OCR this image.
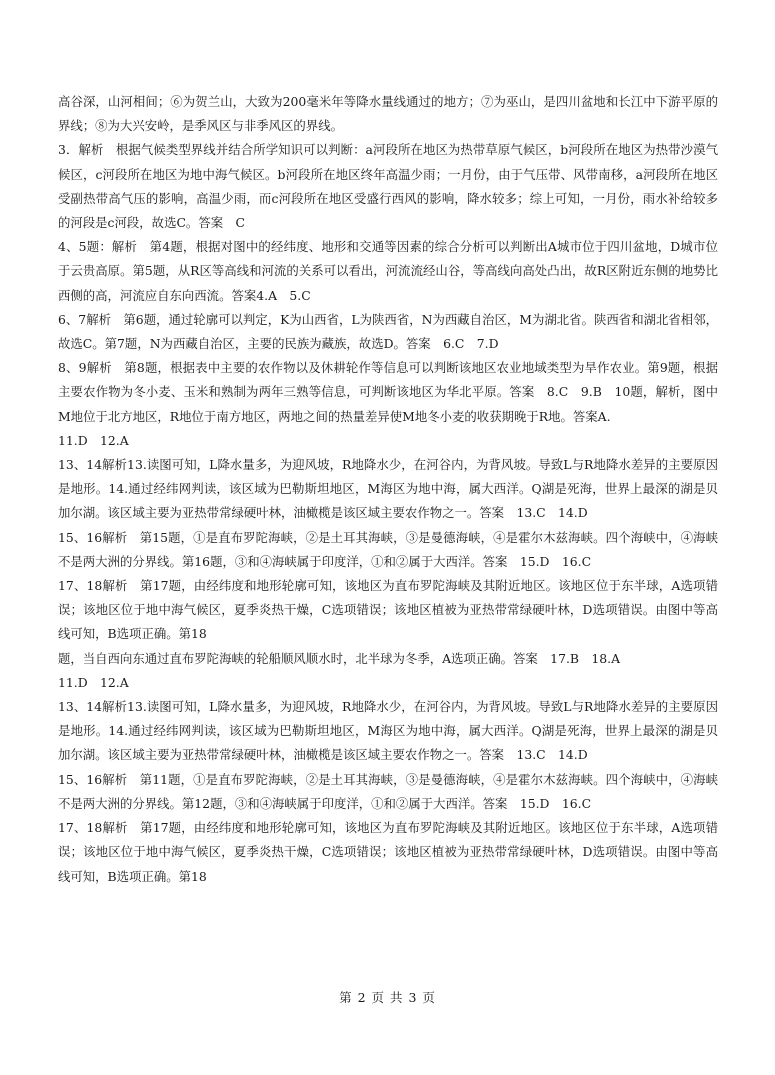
高谷深，山河相间；⑥为贺兰山，大致为200毫米年等降水量线通过的地方；⑦为巫山，是四川盆地和长江中下游平原的界线；⑧为大兴安岭，是季风区与非季风区的界线。

3．解析　根据气候类型界线并结合所学知识可以判断：a河段所在地区为热带草原气候区，b河段所在地区为热带沙漠气候区，c河段所在地区为地中海气候区。b河段所在地区终年高温少雨；一月份，由于气压带、风带南移，a河段所在地区受副热带高气压的影响，高温少雨，而c河段所在地区受盛行西风的影响，降水较多；综上可知，一月份，雨水补给较多的河段是c河段，故选C。答案　C

4、5题：解析　第4题，根据对图中的经纬度、地形和交通等因素的综合分析可以判断出A城市位于四川盆地，D城市位于云贵高原。第5题，从R区等高线和河流的关系可以看出，河流流经山谷，等高线向高处凸出，故R区附近东侧的地势比西侧的高，河流应自东向西流。答案4.A　5.C

6、7解析　第6题，通过轮廓可以判定，K为山西省，L为陕西省，N为西藏自治区，M为湖北省。陕西省和湖北省相邻，故选C。第7题，N为西藏自治区，主要的民族为藏族，故选D。答案　6.C　7.D

8、9解析　第8题，根据表中主要的农作物以及休耕轮作等信息可以判断该地区农业地域类型为旱作农业。第9题，根据主要农作物为冬小麦、玉米和熟制为两年三熟等信息，可判断该地区为华北平原。答案　8.C　9.B　10题，解析，图中M地位于北方地区，R地位于南方地区，两地之间的热量差异使M地冬小麦的收获期晚于R地。答案A.

11.D　12.A

13、14解析13.读图可知，L降水量多，为迎风坡，R地降水少，在河谷内，为背风坡。导致L与R地降水差异的主要原因是地形。14.通过经纬网判读，该区域为巴勒斯坦地区，M海区为地中海，属大西洋。Q湖是死海，世界上最深的湖是贝加尔湖。该区域主要为亚热带常绿硬叶林，油橄榄是该区域主要农作物之一。答案　13.C　14.D

15、16解析　第15题，①是直布罗陀海峡，②是土耳其海峡，③是曼德海峡，④是霍尔木兹海峡。四个海峡中，④海峡不是两大洲的分界线。第16题，③和④海峡属于印度洋，①和②属于大西洋。答案　15.D　16.C

17、18解析　第17题，由经纬度和地形轮廓可知，该地区为直布罗陀海峡及其附近地区。该地区位于东半球，A选项错误；该地区位于地中海气候区，夏季炎热干燥，C选项错误；该地区植被为亚热带常绿硬叶林，D选项错误。由图中等高线可知，B选项正确。第18

题，当自西向东通过直布罗陀海峡的轮船顺风顺水时，北半球为冬季，A选项正确。答案　17.B　18.A

11.D　12.A

13、14解析13.读图可知，L降水量多，为迎风坡，R地降水少，在河谷内，为背风坡。导致L与R地降水差异的主要原因是地形。14.通过经纬网判读，该区域为巴勒斯坦地区，M海区为地中海，属大西洋。Q湖是死海，世界上最深的湖是贝加尔湖。该区域主要为亚热带常绿硬叶林，油橄榄是该区域主要农作物之一。答案　13.C　14.D

15、16解析　第11题，①是直布罗陀海峡，②是土耳其海峡，③是曼德海峡，④是霍尔木兹海峡。四个海峡中，④海峡不是两大洲的分界线。第12题，③和④海峡属于印度洋，①和②属于大西洋。答案　15.D　16.C

17、18解析　第17题，由经纬度和地形轮廓可知，该地区为直布罗陀海峡及其附近地区。该地区位于东半球，A选项错误；该地区位于地中海气候区，夏季炎热干燥，C选项错误；该地区植被为亚热带常绿硬叶林，D选项错误。由图中等高线可知，B选项正确。第18

第 2 页 共 3 页
